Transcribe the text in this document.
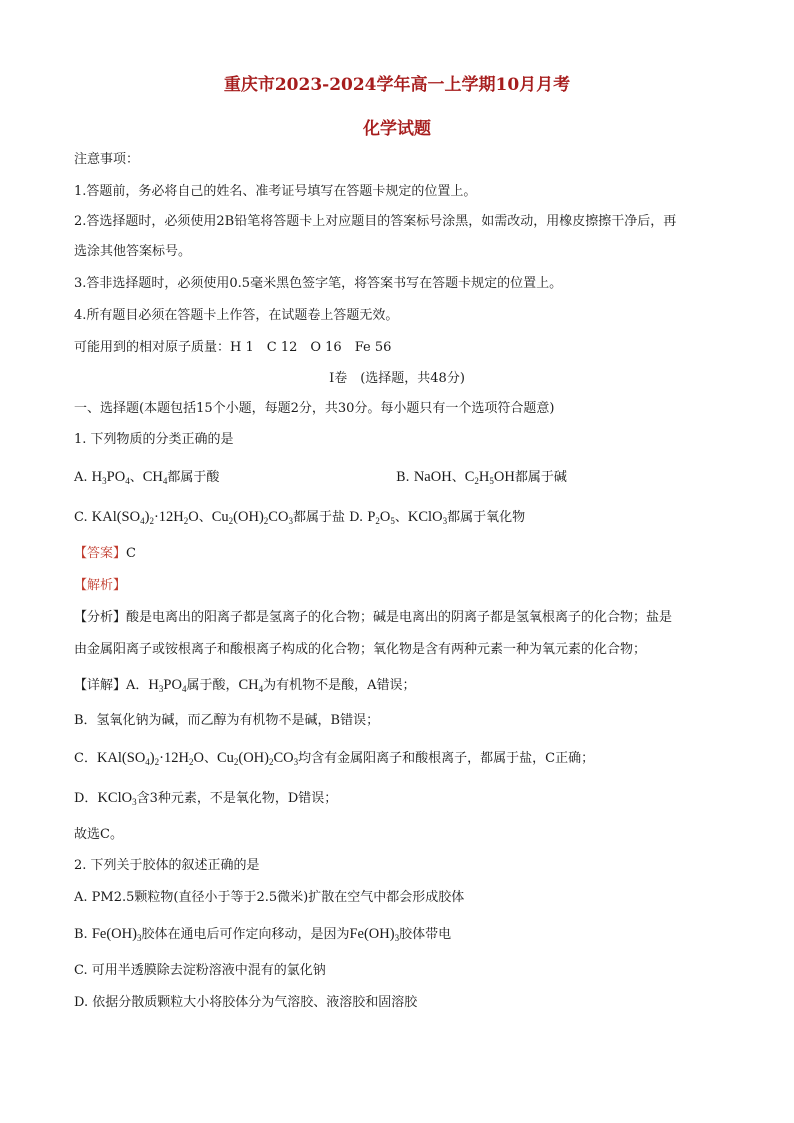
重庆市2023-2024学年高一上学期10月月考
化学试题
注意事项：
1.答题前，务必将自己的姓名、准考证号填写在答题卡规定的位置上。
2.答选择题时，必须使用2B铅笔将答题卡上对应题目的答案标号涂黑，如需改动，用橡皮擦擦干净后，再
选涂其他答案标号。
3.答非选择题时，必须使用0.5毫米黑色签字笔，将答案书写在答题卡规定的位置上。
4.所有题目必须在答题卡上作答，在试题卷上答题无效。
可能用到的相对原子质量：H 1　C 12　O 16　Fe 56
Ⅰ卷　(选择题，共48分)
一、选择题(本题包括15个小题，每题2分，共30分。每小题只有一个选项符合题意)
1. 下列物质的分类正确的是
A. $H_3PO_4$、$CH_4$都属于酸	B. NaOH、$C_2H_5OH$都属于碱
C. $KAl(SO_4)_2\cdot 12H_2O$、$Cu_2(OH)_2CO_3$都属于盐 D. $P_2O_5$、KClO$_3$都属于氧化物
【答案】C
【解析】
【分析】酸是电离出的阳离子都是氢离子的化合物；碱是电离出的阴离子都是氢氧根离子的化合物；盐是
由金属阳离子或铵根离子和酸根离子构成的化合物；氧化物是含有两种元素一种为氧元素的化合物；
【详解】A．$H_3PO_4$属于酸，$CH_4$为有机物不是酸，A错误；
B．氢氧化钠为碱，而乙醇为有机物不是碱，B错误；
C．$KAl(SO_4)_2\cdot 12H_2O$、$Cu_2(OH)_2CO_3$均含有金属阳离子和酸根离子，都属于盐，C正确；
D．KClO$_3$含3种元素，不是氧化物，D错误；
故选C。
2. 下列关于胶体的叙述正确的是
A. PM2.5颗粒物(直径小于等于2.5微米)扩散在空气中都会形成胶体
B. $Fe(OH)_3$胶体在通电后可作定向移动，是因为$Fe(OH)_3$胶体带电
C. 可用半透膜除去淀粉溶液中混有的氯化钠
D. 依据分散质颗粒大小将胶体分为气溶胶、液溶胶和固溶胶
